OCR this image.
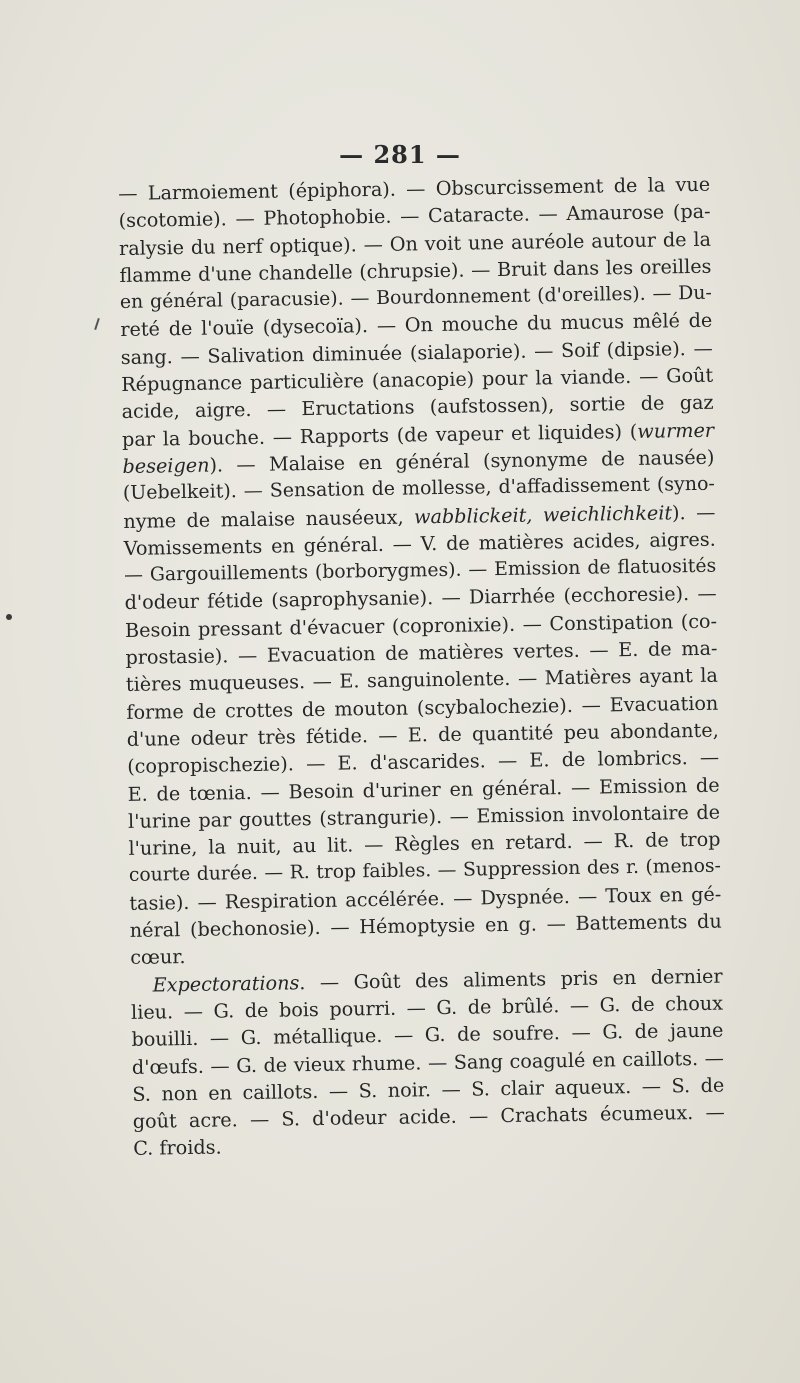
— 281 —
— Larmoiement (épiphora). — Obscurcissement de la vue
(scotomie). — Photophobie. — Cataracte. — Amaurose (pa-
ralysie du nerf optique). — On voit une auréole autour de la
flamme d'une chandelle (chrupsie). — Bruit dans les oreilles
en général (paracusie). — Bourdonnement (d'oreilles). — Du-
reté de l'ouïe (dysecoïa). — On mouche du mucus mêlé de
sang. — Salivation diminuée (sialaporie). — Soif (dipsie). —
Répugnance particulière (anacopie) pour la viande. — Goût
acide, aigre. — Eructations (aufstossen), sortie de gaz
par la bouche. — Rapports (de vapeur et liquides) (wurmer
beseigen). — Malaise en général (synonyme de nausée)
(Uebelkeit). — Sensation de mollesse, d'affadissement (syno-
nyme de malaise nauséeux, wabblickeit, weichlichkeit). —
Vomissements en général. — V. de matières acides, aigres.
— Gargouillements (borborygmes). — Emission de flatuosités
d'odeur fétide (saprophysanie). — Diarrhée (ecchoresie). —
Besoin pressant d'évacuer (copronixie). — Constipation (co-
prostasie). — Evacuation de matières vertes. — E. de ma-
tières muqueuses. — E. sanguinolente. — Matières ayant la
forme de crottes de mouton (scybalochezie). — Evacuation
d'une odeur très fétide. — E. de quantité peu abondante,
(copropischezie). — E. d'ascarides. — E. de lombrics. —
E. de tœnia. — Besoin d'uriner en général. — Emission de
l'urine par gouttes (strangurie). — Emission involontaire de
l'urine, la nuit, au lit. — Règles en retard. — R. de trop
courte durée. — R. trop faibles. — Suppression des r. (menos-
tasie). — Respiration accélérée. — Dyspnée. — Toux en gé-
néral (bechonosie). — Hémoptysie en g. — Battements du
cœur.
Expectorations. — Goût des aliments pris en dernier
lieu. — G. de bois pourri. — G. de brûlé. — G. de choux
bouilli. — G. métallique. — G. de soufre. — G. de jaune
d'œufs. — G. de vieux rhume. — Sang coagulé en caillots. —
S. non en caillots. — S. noir. — S. clair aqueux. — S. de
goût acre. — S. d'odeur acide. — Crachats écumeux. —
C. froids.
